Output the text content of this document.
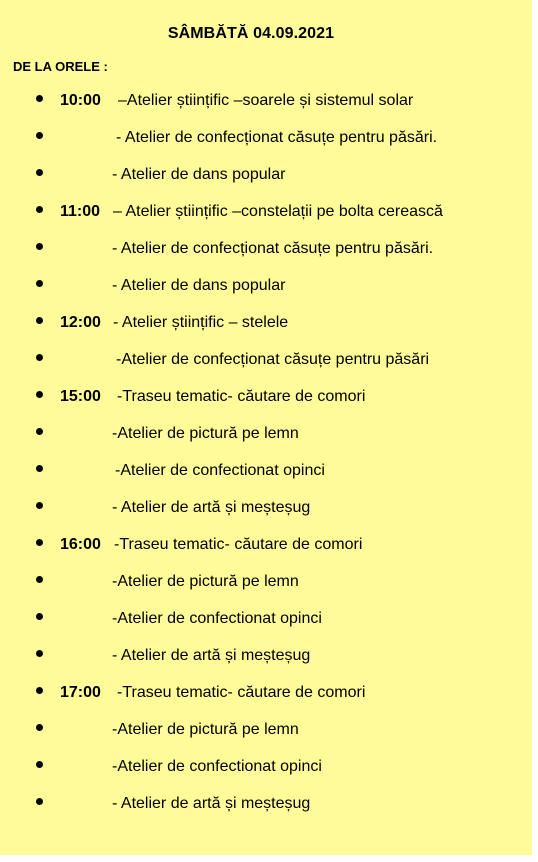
SÂMBĂTĂ 04.09.2021
DE LA ORELE :
10:00 –Atelier științific –soarele și sistemul solar
- Atelier de confecționat căsuțe pentru păsări.
- Atelier de dans popular
11:00 – Atelier științific –constelații pe bolta cerească
- Atelier de confecționat căsuțe pentru păsări.
- Atelier de dans popular
12:00 - Atelier științific – stelele
-Atelier de confecționat căsuțe pentru păsări
15:00 -Traseu tematic- căutare de comori
-Atelier de pictură pe lemn
-Atelier de confectionat opinci
- Atelier de artă și meșteșug
16:00 -Traseu tematic- căutare de comori
-Atelier de pictură pe lemn
-Atelier de confectionat opinci
- Atelier de artă și meșteșug
17:00 -Traseu tematic- căutare de comori
-Atelier de pictură pe lemn
-Atelier de confectionat opinci
- Atelier de artă și meșteșug
